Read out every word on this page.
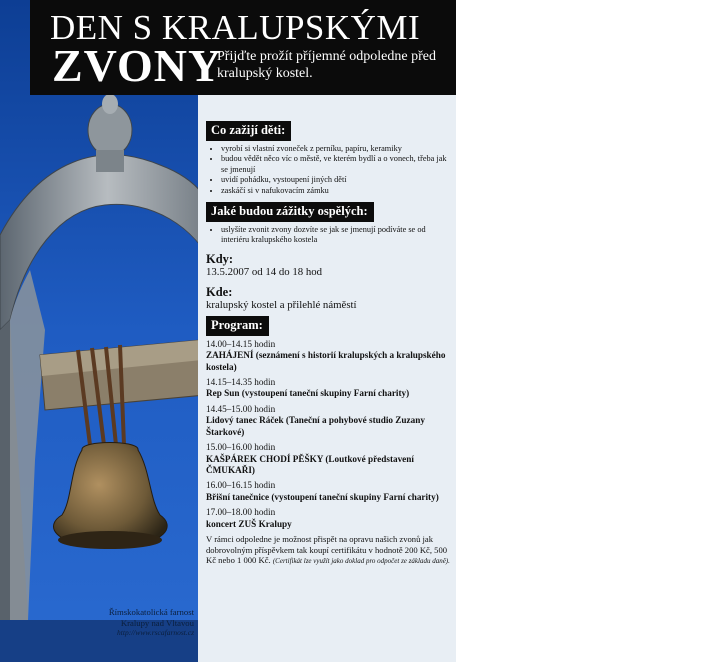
DEN S KRALUPSKÝMI
ZVONY
Přijďte prožít příjemné odpoledne před kralupský kostel.
Co zažijí děti:
• vyrobí si vlastní zvoneček z perníku, papíru, keramiky
• budou vědět něco víc o městě, ve kterém bydlí a o vonech, třeba jak se jmenují
• uvidí pohádku, vystoupení jiných dětí
• zaskáčí si v nafukovacím zámku
Jaké budou zážitky ospělých:
• uslyšíte zvonit zvony dozvíte se jak se jmenují podíváte se od interiéru kralupského kostela
Kdy:
13.5.2007 od 14 do 18 hod
Kde:
kralupský kostel a přilehlé náměstí
Program:
14.00–14.15 hodin
ZAHÁJENÍ (seznámení s historií kralupských a kralupského kostela)
14.15–14.35 hodin
Rep Sun (vystoupení taneční skupiny Farní charity)
14.45–15.00 hodin
Lidový tanec Ráček (Taneční a pohybové studio Zuzany Štarkové)
15.00–16.00 hodin
KAŠPÁREK CHODÍ PĚŠKY (Loutkové představení ČMUKAŘI)
16.00–16.15 hodin
Břišní tanečnice (vystoupení taneční skupiny Farní charity)
17.00–18.00 hodin
koncert ZUŠ Kralupy
V rámci odpoledne je možnost přispět na opravu našich zvonů jak dobrovolným příspěvkem tak koupí certifikátu v hodnotě 200 Kč, 500 Kč nebo 1 000 Kč. (Certifikát lze využít jako doklad pro odpočet ze základu daně).
Římskokatolická farnost
Kralupy nad Vltavou
http://www.rscafarnost.cz
